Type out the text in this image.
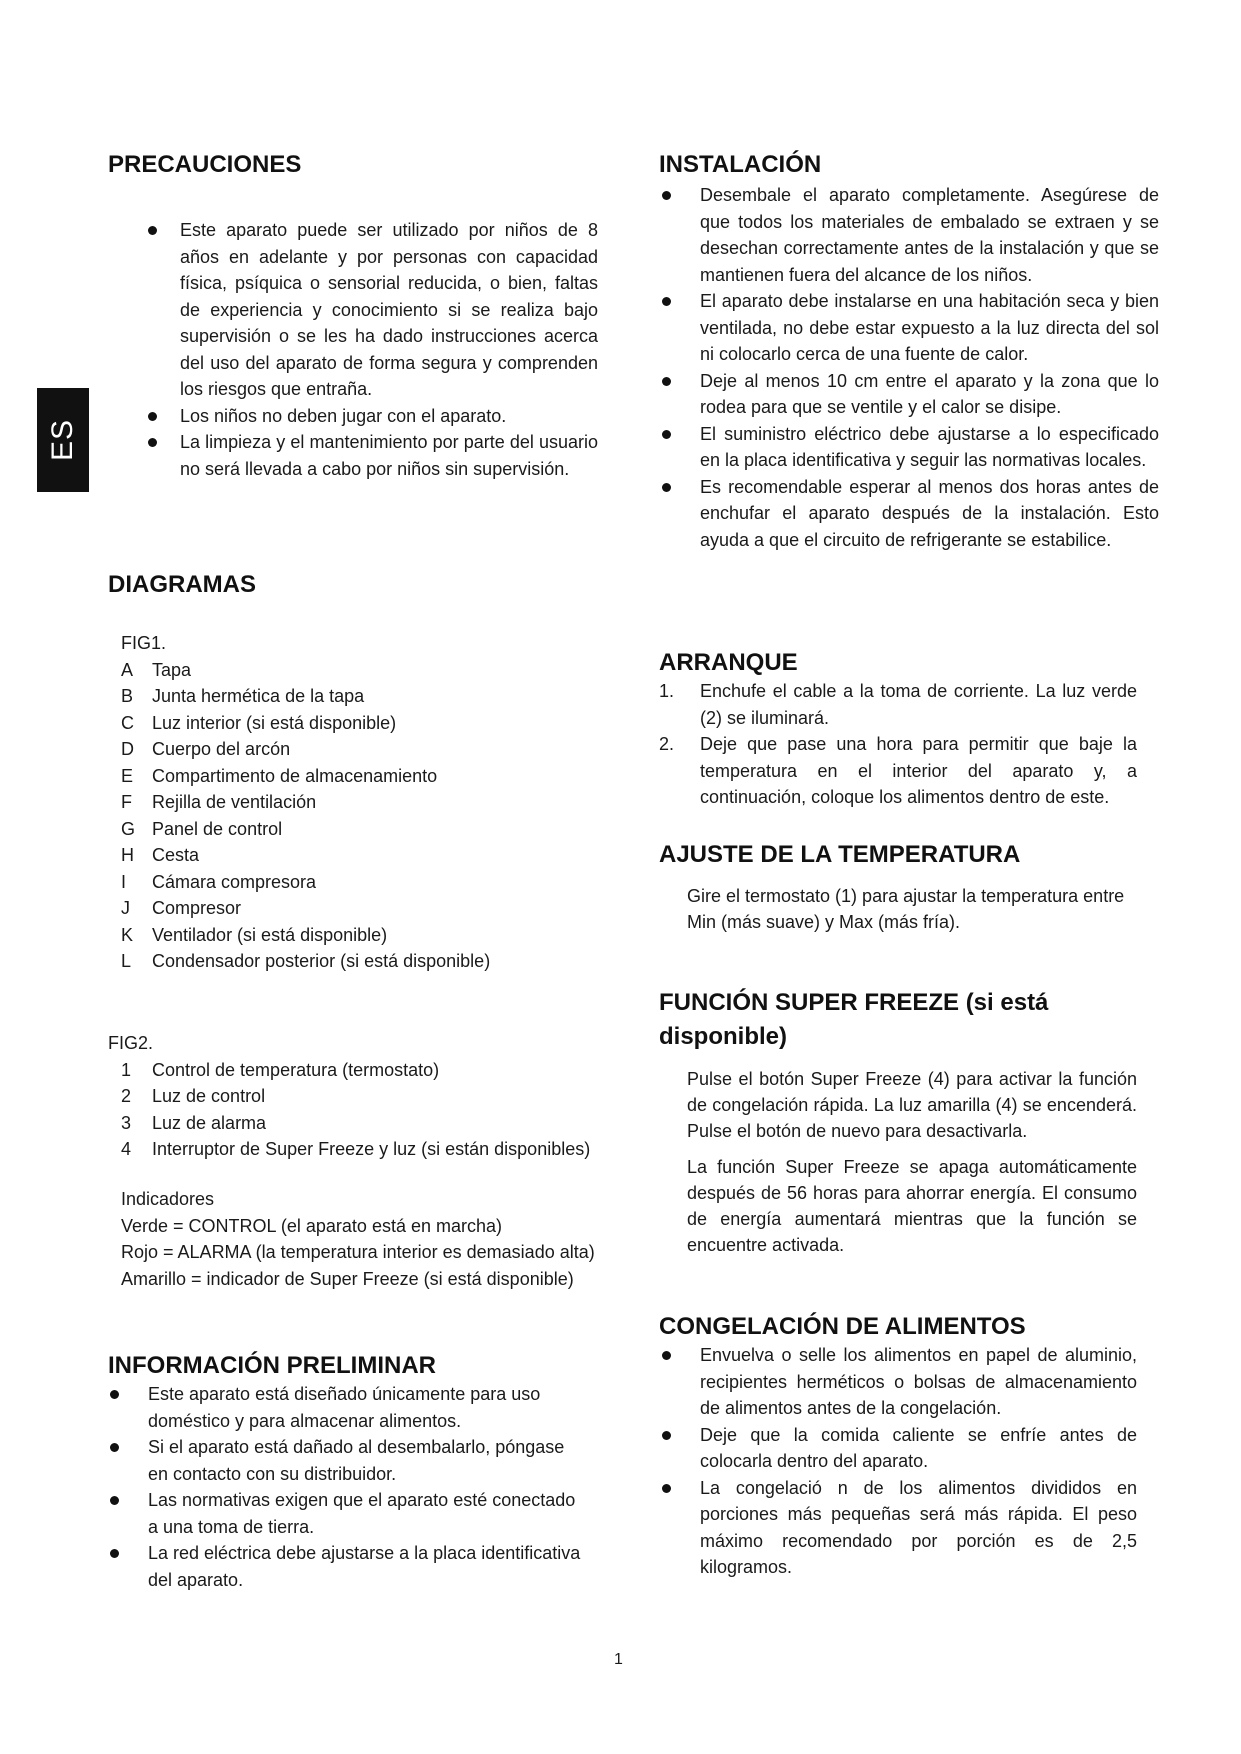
ES
PRECAUCIONES
Este aparato puede ser utilizado por niños de 8 años en adelante y por personas con capacidad física, psíquica o sensorial reducida, o bien, faltas de experiencia y conocimiento si se realiza bajo supervisión o se les ha dado instrucciones acerca del uso del aparato de forma segura y comprenden los riesgos que entraña.
Los niños no deben jugar con el aparato.
La limpieza y el mantenimiento por parte del usuario no será llevada a cabo por niños sin supervisión.
DIAGRAMAS
FIG1.
A	Tapa
B	Junta hermética de la tapa
C	Luz interior (si está disponible)
D	Cuerpo del arcón
E	Compartimento de almacenamiento
F	Rejilla de ventilación
G Panel de control
H	Cesta
I	Cámara compresora
J	Compresor
K	Ventilador (si está disponible)
L	Condensador posterior (si está disponible)
FIG2.
1	Control de temperatura (termostato)
2	Luz de control
3	Luz de alarma
4	Interruptor de Super Freeze y luz (si están disponibles)
Indicadores
Verde = CONTROL (el aparato está en marcha)
Rojo = ALARMA (la temperatura interior es demasiado alta)
Amarillo = indicador de Super Freeze (si está disponible)
INFORMACIÓN PRELIMINAR
Este aparato está diseñado únicamente para uso doméstico y para almacenar alimentos.
Si el aparato está dañado al desembalarlo, póngase en contacto con su distribuidor.
Las normativas exigen que el aparato esté conectado a una toma de tierra.
La red eléctrica debe ajustarse a la placa identificativa del aparato.
INSTALACIÓN
Desembale el aparato completamente. Asegúrese de que todos los materiales de embalado se extraen y se desechan correctamente antes de la instalación y que se mantienen fuera del alcance de los niños.
El aparato debe instalarse en una habitación seca y bien ventilada, no debe estar expuesto a la luz directa del sol ni colocarlo cerca de una fuente de calor.
Deje al menos 10 cm entre el aparato y la zona que lo rodea para que se ventile y el calor se disipe.
El suministro eléctrico debe ajustarse a lo especificado en la placa identificativa y seguir las normativas locales.
Es recomendable esperar al menos dos horas antes de enchufar el aparato después de la instalación. Esto ayuda a que el circuito de refrigerante se estabilice.
ARRANQUE
1. Enchufe el cable a la toma de corriente. La luz verde (2) se iluminará.
2. Deje que pase una hora para permitir que baje la temperatura en el interior del aparato y, a continuación, coloque los alimentos dentro de este.
AJUSTE DE LA TEMPERATURA

Gire el termostato (1) para ajustar la temperatura entre Min (más suave) y Max (más fría).

FUNCIÓN SUPER FREEZE (si está
disponible)

Pulse el botón Super Freeze (4) para activar la función de congelación rápida. La luz amarilla (4) se encenderá. Pulse el botón de nuevo para desactivarla.

La función Super Freeze se apaga automáticamente después de 56 horas para ahorrar energía. El consumo de energía aumentará mientras que la función se encuentre activada.

CONGELACIÓN DE ALIMENTOS
Envuelva o selle los alimentos en papel de aluminio, recipientes herméticos o bolsas de almacenamiento de alimentos antes de la congelación.
Deje que la comida caliente se enfríe antes de colocarla dentro del aparato.
La congelació n de los alimentos divididos en porciones más pequeñas será más rápida. El peso máximo recomendado por porción es de 2,5 kilogramos.
1
